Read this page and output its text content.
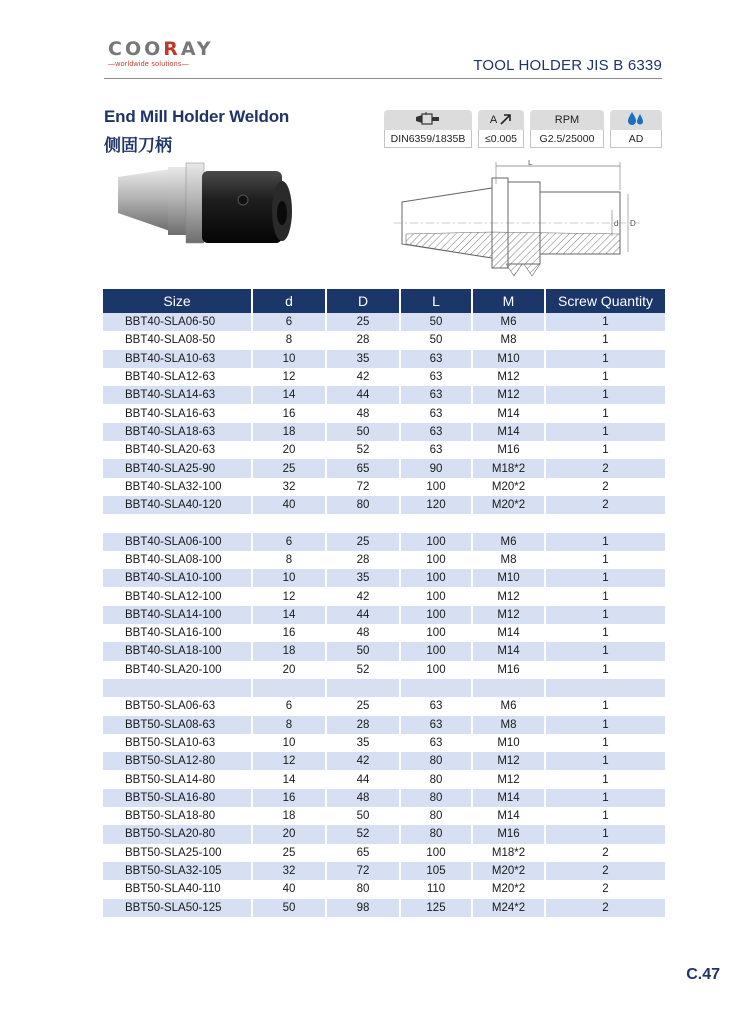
COORAY
—worldwide solutions—	TOOL HOLDER JIS B 6339
End Mill Holder Weldon
侧固刀柄	DIN6359/1835B
A
≤0.005
RPM
G2.5/25000	AD
L
d D
Size	d	D	L	M	Screw Quantity
BBT40-SLA06-50	6	25	50	M6	1
BBT40-SLA08-50	8	28	50	M8	1
BBT40-SLA10-63	10	35	63	M10	1
BBT40-SLA12-63	12	42	63	M12	1
BBT40-SLA14-63	14	44	63	M12	1
BBT40-SLA16-63	16	48	63	M14	1
BBT40-SLA18-63	18	50	63	M14	1
BBT40-SLA20-63	20	52	63	M16	1
BBT40-SLA25-90	25	65	90	M18*2	2
BBT40-SLA32-100	32	72	100	M20*2	2
BBT40-SLA40-120	40	80	120	M20*2	2

BBT40-SLA06-100	6	25	100	M6	1
BBT40-SLA08-100	8	28	100	M8	1
BBT40-SLA10-100	10	35	100	M10	1
BBT40-SLA12-100	12	42	100	M12	1
BBT40-SLA14-100	14	44	100	M12	1
BBT40-SLA16-100	16	48	100	M14	1
BBT40-SLA18-100	18	50	100	M14	1
BBT40-SLA20-100	20	52	100	M16	1

BBT50-SLA06-63	6	25	63	M6	1
BBT50-SLA08-63	8	28	63	M8	1
BBT50-SLA10-63	10	35	63	M10	1
BBT50-SLA12-80	12	42	80	M12	1
BBT50-SLA14-80	14	44	80	M12	1
BBT50-SLA16-80	16	48	80	M14	1
BBT50-SLA18-80	18	50	80	M14	1
BBT50-SLA20-80	20	52	80	M16	1
BBT50-SLA25-100	25	65	100	M18*2	2
BBT50-SLA32-105	32	72	105	M20*2	2
BBT50-SLA40-110	40	80	110	M20*2	2
BBT50-SLA50-125	50	98	125	M24*2	2
C.47
